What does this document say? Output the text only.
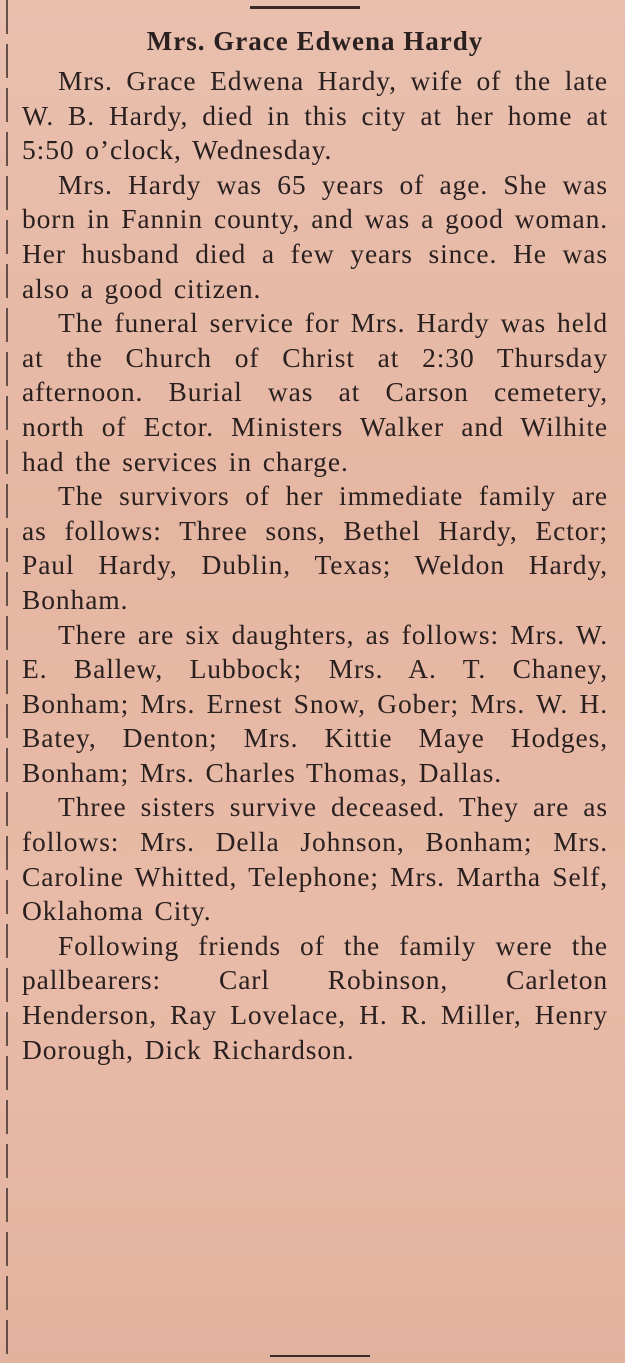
Mrs. Grace Edwena Hardy

Mrs. Grace Edwena Hardy, wife of the late W. B. Hardy, died in this city at her home at 5:50 o’clock, Wednesday.

Mrs. Hardy was 65 years of age. She was born in Fannin county, and was a good woman. Her husband died a few years since. He was also a good citizen.

The funeral service for Mrs. Hardy was held at the Church of Christ at 2:30 Thursday afternoon. Burial was at Carson cemetery, north of Ector. Ministers Walker and Wilhite had the services in charge.

The survivors of her immediate family are as follows: Three sons, Bethel Hardy, Ector; Paul Hardy, Dublin, Texas; Weldon Hardy, Bonham.

There are six daughters, as follows: Mrs. W. E. Ballew, Lubbock; Mrs. A. T. Chaney, Bonham; Mrs. Ernest Snow, Gober; Mrs. W. H. Batey, Denton; Mrs. Kittie Maye Hodges, Bonham; Mrs. Charles Thomas, Dallas.

Three sisters survive deceased. They are as follows: Mrs. Della Johnson, Bonham; Mrs. Caroline Whitted, Telephone; Mrs. Martha Self, Oklahoma City.

Following friends of the family were the pallbearers: Carl Robinson, Carleton Henderson, Ray Lovelace, H. R. Miller, Henry Dorough, Dick Richardson.
